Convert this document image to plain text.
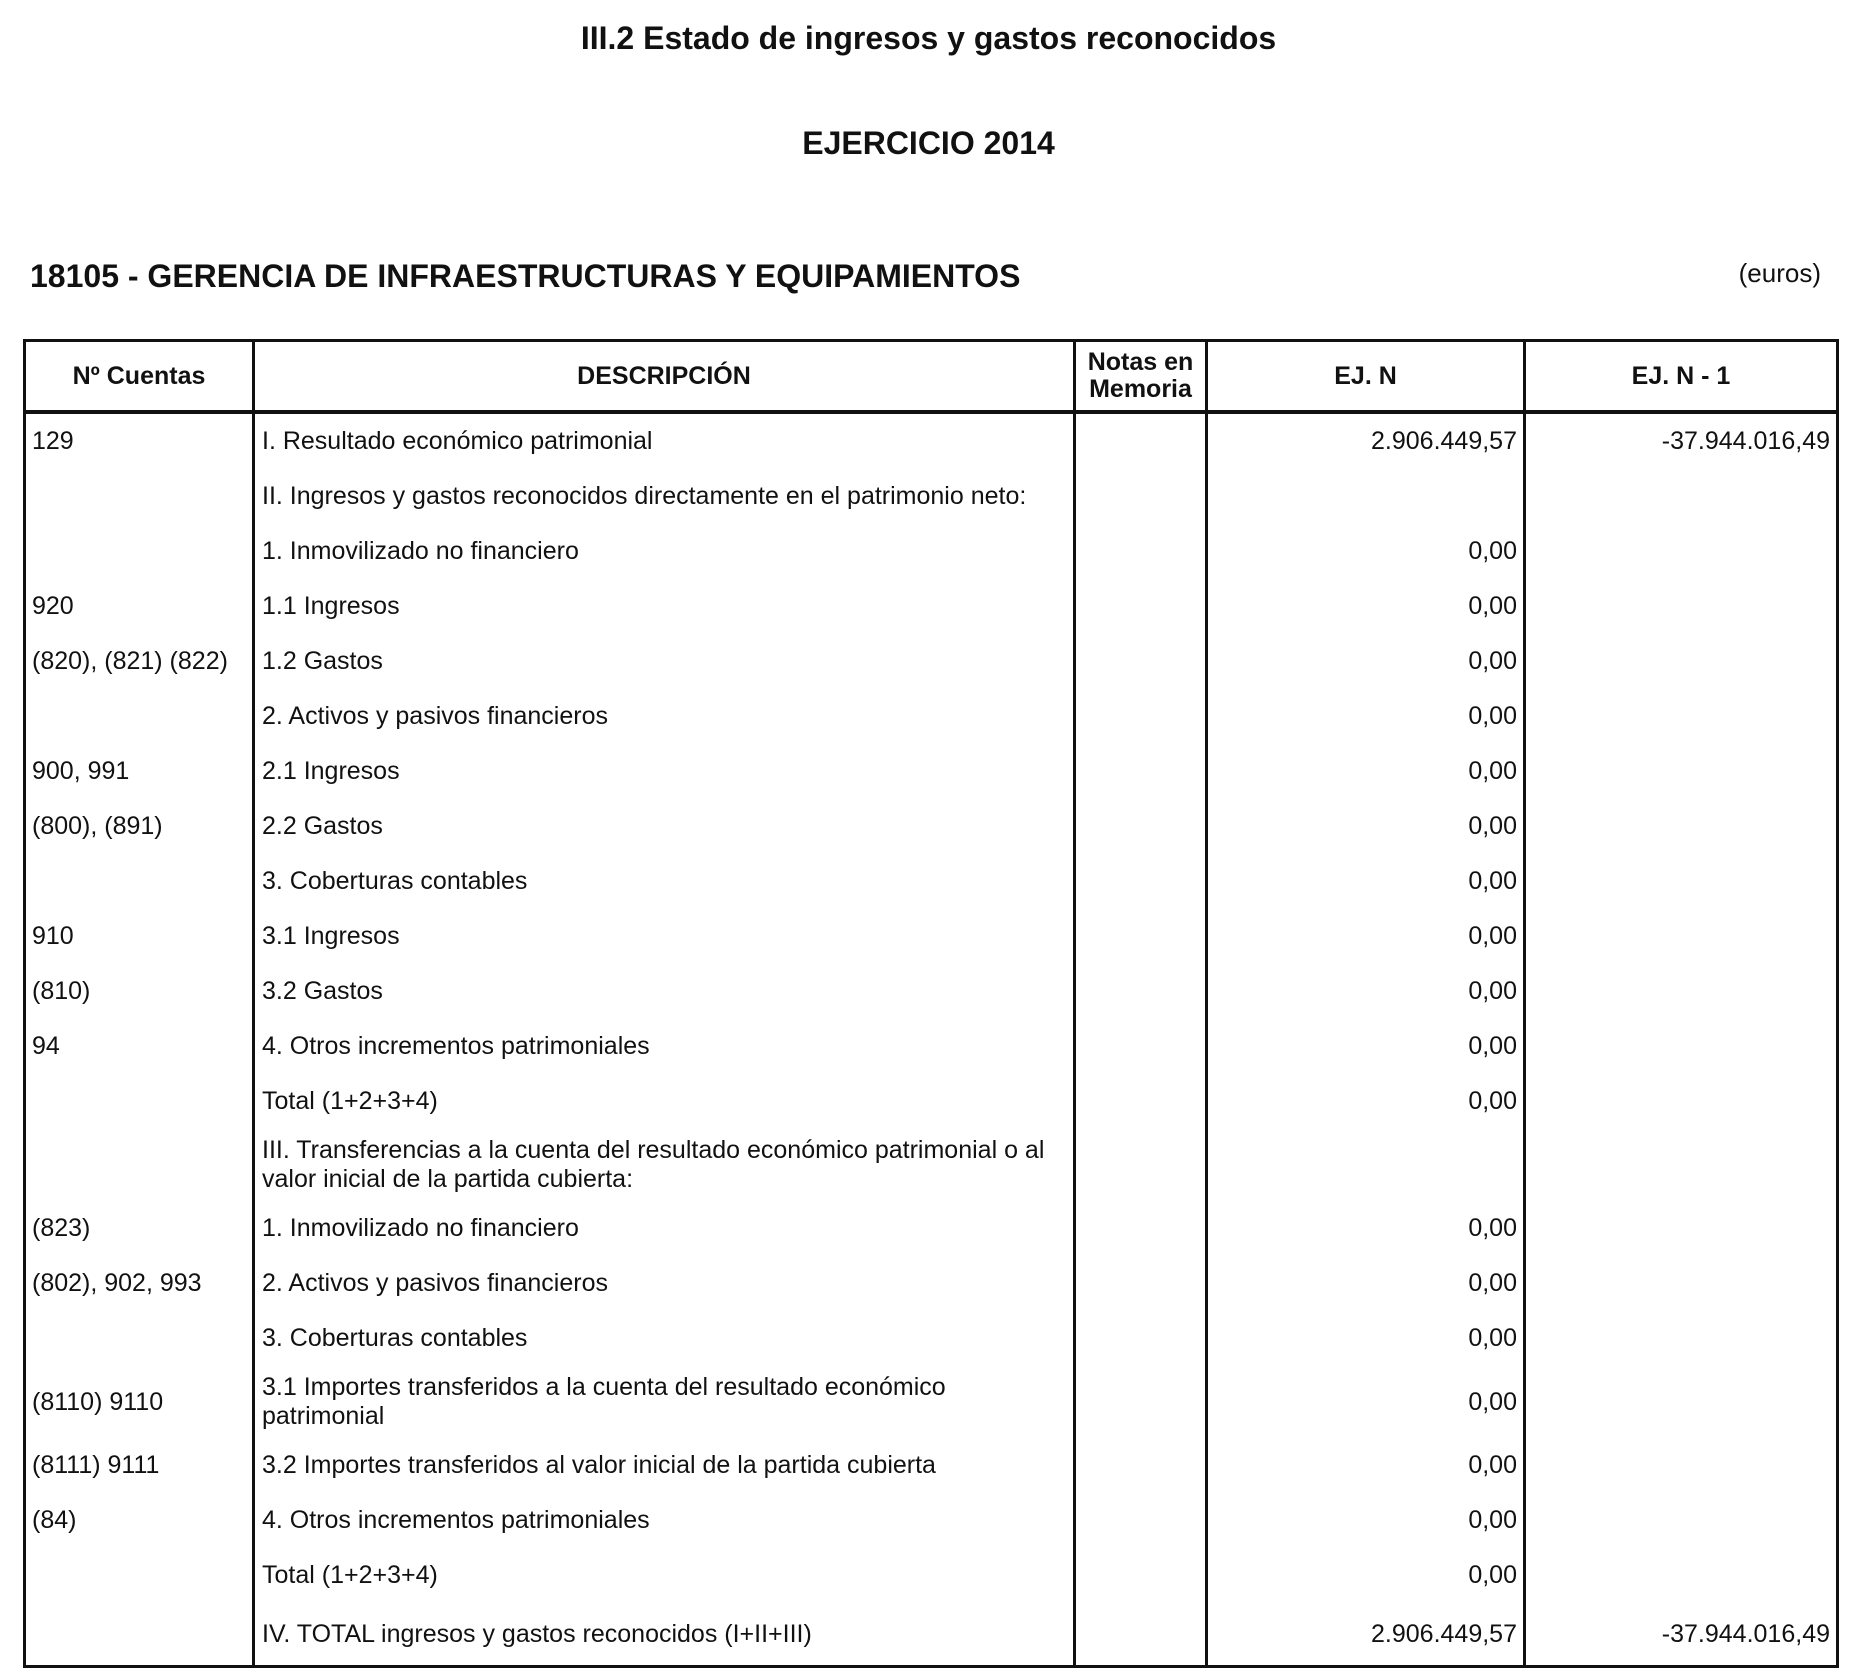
III.2 Estado de ingresos y gastos reconocidos
EJERCICIO 2014
18105 - GERENCIA DE INFRAESTRUCTURAS Y EQUIPAMIENTOS	(euros)
Nº Cuentas	DESCRIPCIÓN	Notas en Memoria	EJ. N	EJ. N - 1
129	I. Resultado económico patrimonial		2.906.449,57	-37.944.016,49
	II. Ingresos y gastos reconocidos directamente en el patrimonio neto:			
	1. Inmovilizado no financiero		0,00	
920	1.1 Ingresos		0,00	
(820), (821) (822)	1.2 Gastos		0,00	
	2. Activos y pasivos financieros		0,00	
900, 991	2.1 Ingresos		0,00	
(800), (891)	2.2 Gastos		0,00	
	3. Coberturas contables		0,00	
910	3.1 Ingresos		0,00	
(810)	3.2 Gastos		0,00	
94	4. Otros incrementos patrimoniales		0,00	
	Total (1+2+3+4)		0,00	
	III. Transferencias a la cuenta del resultado económico patrimonial o al valor inicial de la partida cubierta:			
(823)	1. Inmovilizado no financiero		0,00	
(802), 902, 993	2. Activos y pasivos financieros		0,00	
	3. Coberturas contables		0,00	
(8110) 9110	3.1 Importes transferidos a la cuenta del resultado económico patrimonial		0,00	
(8111) 9111	3.2 Importes transferidos al valor inicial de la partida cubierta		0,00	
(84)	4. Otros incrementos patrimoniales		0,00	
	Total (1+2+3+4)		0,00	
	IV. TOTAL ingresos y gastos reconocidos (I+II+III)		2.906.449,57	-37.944.016,49
